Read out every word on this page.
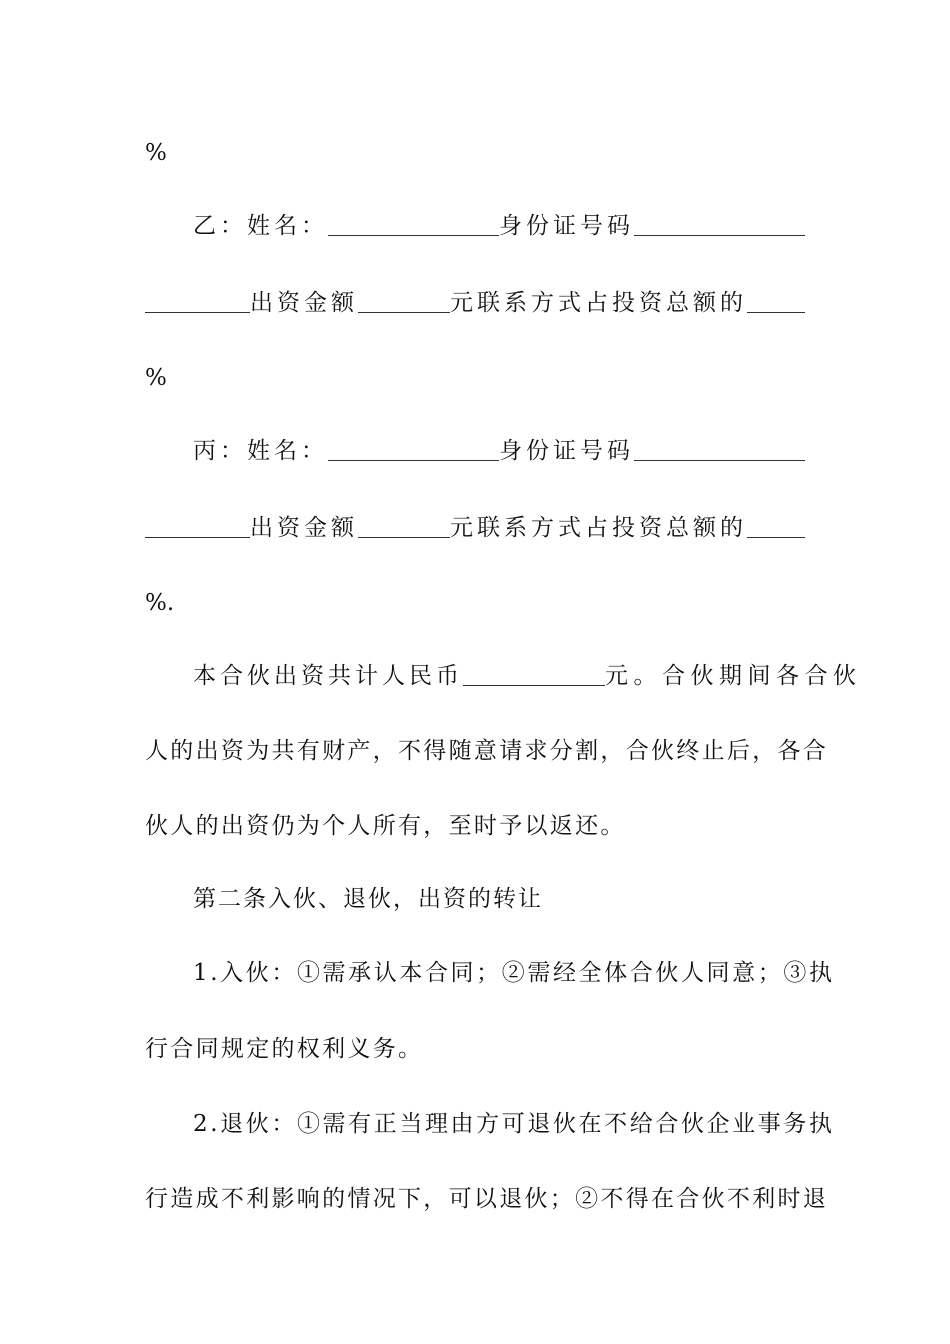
%
乙：姓名：	身份证号码
出资金额	元联系方式占投资总额的
%
丙：姓名：	身份证号码
出资金额	元联系方式占投资总额的
%.
本合伙出资共计人民币	元。合伙期间各合伙
人的出资为共有财产，不得随意请求分割，合伙终止后，各合
伙人的出资仍为个人所有，至时予以返还。
第二条入伙、退伙，出资的转让
1.入伙：①需承认本合同；②需经全体合伙人同意；③执
行合同规定的权利义务。
2.退伙：①需有正当理由方可退伙在不给合伙企业事务执
行造成不利影响的情况下，可以退伙；②不得在合伙不利时退
